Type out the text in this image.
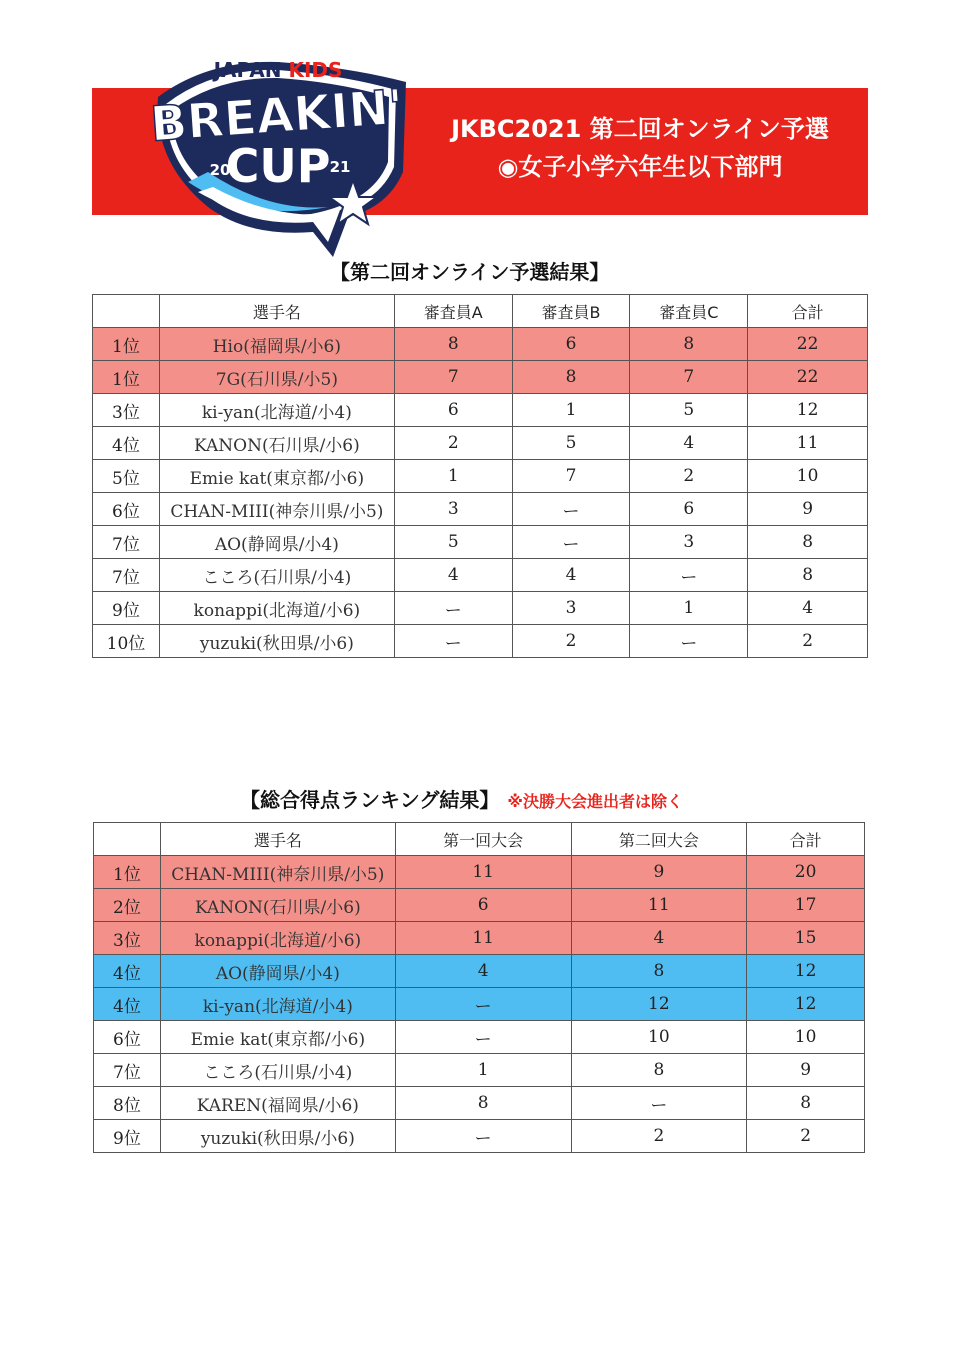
JAPAN KIDS
BREAKIN'
CUP
20	21
JKBC2021 第二回オンライン予選
◉女子小学六年生以下部門
【第二回オンライン予選結果】
	選手名	審査員A	審査員B	審査員C	合計
1位	Hio(福岡県/小6)	8	6	8	22
1位	7G(石川県/小5)	7	8	7	22
3位	ki-yan(北海道/小4)	6	1	5	12
4位	KANON(石川県/小6)	2	5	4	11
5位	Emie kat(東京都/小6)	1	7	2	10
6位	CHAN-MIII(神奈川県/小5)	3	ー	6	9
7位	AO(静岡県/小4)	5	ー	3	8
7位	こころ(石川県/小4)	4	4	ー	8
9位	konappi(北海道/小6)	ー	3	1	4
10位	yuzuki(秋田県/小6)	ー	2	ー	2
【総合得点ランキング結果】 ※決勝大会進出者は除く
	選手名	第一回大会	第二回大会	合計
1位	CHAN-MIII(神奈川県/小5)	11	9	20
2位	KANON(石川県/小6)	6	11	17
3位	konappi(北海道/小6)	11	4	15
4位	AO(静岡県/小4)	4	8	12
4位	ki-yan(北海道/小4)	ー	12	12
6位	Emie kat(東京都/小6)	ー	10	10
7位	こころ(石川県/小4)	1	8	9
8位	KAREN(福岡県/小6)	8	ー	8
9位	yuzuki(秋田県/小6)	ー	2	2
